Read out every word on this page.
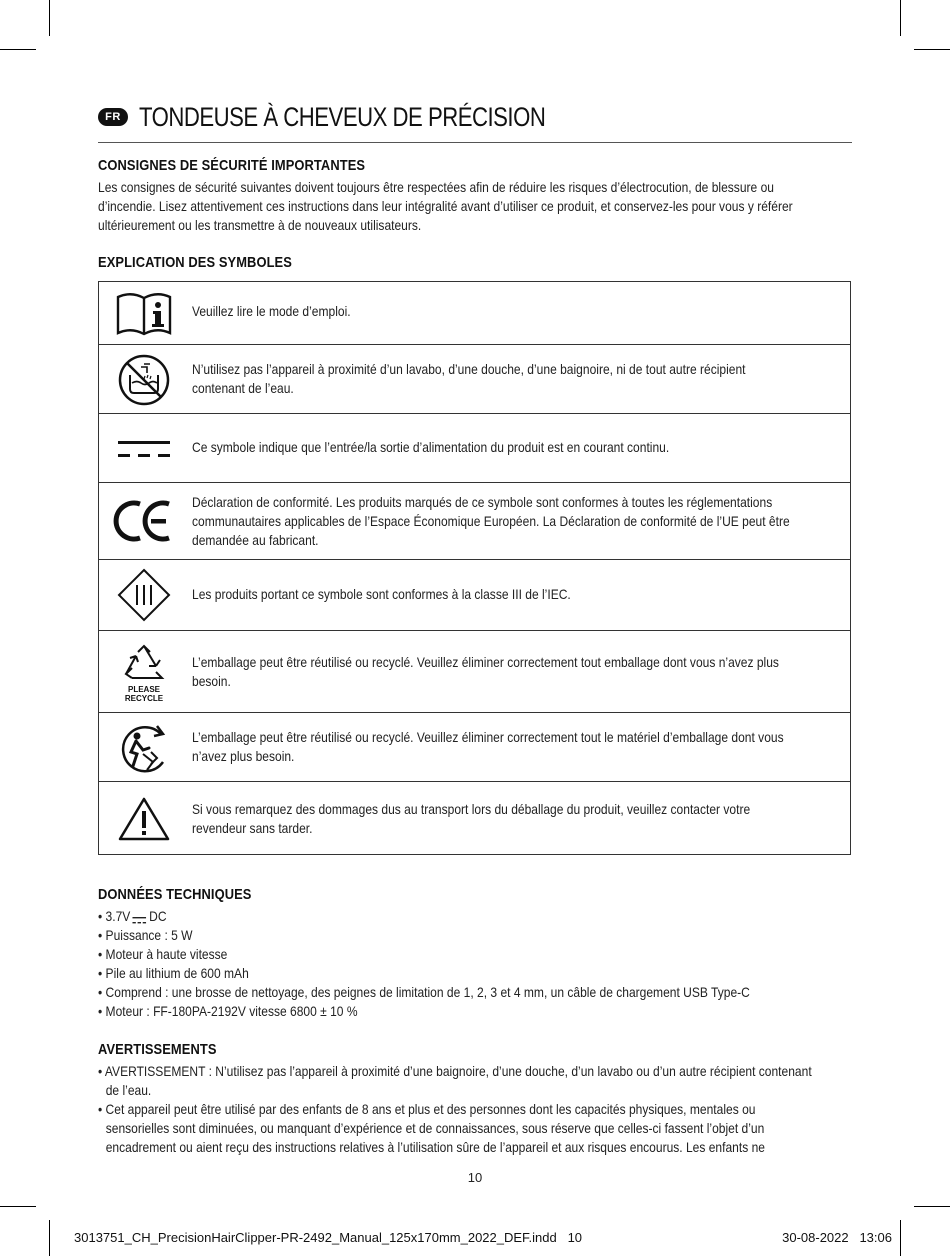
FR TONDEUSE À CHEVEUX DE PRÉCISION
CONSIGNES DE SÉCURITÉ IMPORTANTES
Les consignes de sécurité suivantes doivent toujours être respectées afin de réduire les risques d’électrocution, de blessure ou
d’incendie. Lisez attentivement ces instructions dans leur intégralité avant d’utiliser ce produit, et conservez-les pour vous y référer
ultérieurement ou les transmettre à de nouveaux utilisateurs.
EXPLICATION DES SYMBOLES
Veuillez lire le mode d’emploi.
N’utilisez pas l’appareil à proximité d’un lavabo, d’une douche, d’une baignoire, ni de tout autre récipient
contenant de l’eau.
Ce symbole indique que l’entrée/la sortie d’alimentation du produit est en courant continu.
Déclaration de conformité. Les produits marqués de ce symbole sont conformes à toutes les réglementations
communautaires applicables de l’Espace Économique Européen. La Déclaration de conformité de l’UE peut être
demandée au fabricant.
Les produits portant ce symbole sont conformes à la classe III de l’IEC.
PLEASE
RECYCLE
L’emballage peut être réutilisé ou recyclé. Veuillez éliminer correctement tout emballage dont vous n’avez plus
besoin.
L’emballage peut être réutilisé ou recyclé. Veuillez éliminer correctement tout le matériel d’emballage dont vous
n’avez plus besoin.
Si vous remarquez des dommages dus au transport lors du déballage du produit, veuillez contacter votre
revendeur sans tarder.
DONNÉES TECHNIQUES
• 3.7V DC
• Puissance : 5 W
• Moteur à haute vitesse
• Pile au lithium de 600 mAh
• Comprend : une brosse de nettoyage, des peignes de limitation de 1, 2, 3 et 4 mm, un câble de chargement USB Type-C
• Moteur : FF-180PA-2192V vitesse 6800 ± 10 %
AVERTISSEMENTS
• AVERTISSEMENT : N’utilisez pas l’appareil à proximité d’une baignoire, d’une douche, d’un lavabo ou d’un autre récipient contenant
de l’eau.
• Cet appareil peut être utilisé par des enfants de 8 ans et plus et des personnes dont les capacités physiques, mentales ou
sensorielles sont diminuées, ou manquant d’expérience et de connaissances, sous réserve que celles-ci fassent l’objet d’un
encadrement ou aient reçu des instructions relatives à l’utilisation sûre de l’appareil et aux risques encourus. Les enfants ne
10
3013751_CH_PrecisionHairClipper-PR-2492_Manual_125x170mm_2022_DEF.indd 10	30-08-2022 13:06
